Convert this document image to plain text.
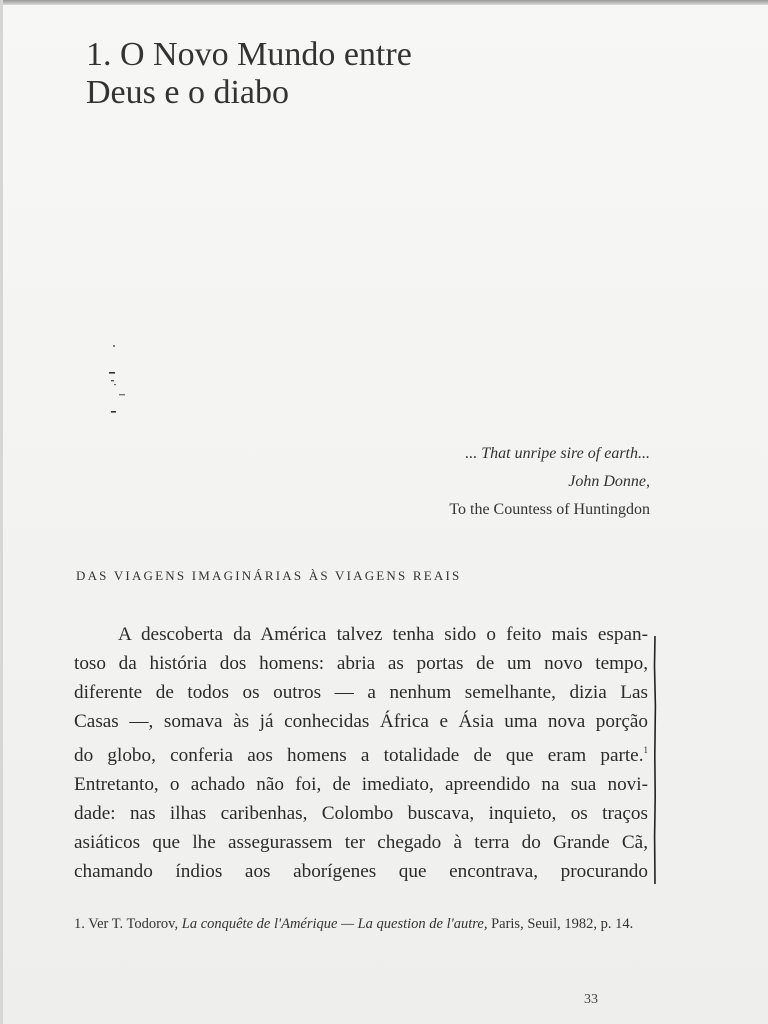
1. O Novo Mundo entre
Deus e o diabo
... That unripe sire of earth...
John Donne,
To the Countess of Huntingdon
DAS VIAGENS IMAGINÁRIAS ÀS VIAGENS REAIS
A descoberta da América talvez tenha sido o feito mais espan-
toso da história dos homens: abria as portas de um novo tempo,
diferente de todos os outros — a nenhum semelhante, dizia Las
Casas —, somava às já conhecidas África e Ásia uma nova porção
do globo, conferia aos homens a totalidade de que eram parte.$^1$
Entretanto, o achado não foi, de imediato, apreendido na sua novi-
dade: nas ilhas caribenhas, Colombo buscava, inquieto, os traços
asiáticos que lhe assegurassem ter chegado à terra do Grande Cã,
chamando índios aos aborígenes que encontrava, procurando
1. Ver T. Todorov, La conquête de l'Amérique — La question de l'autre, Paris, Seuil, 1982, p. 14.
33
